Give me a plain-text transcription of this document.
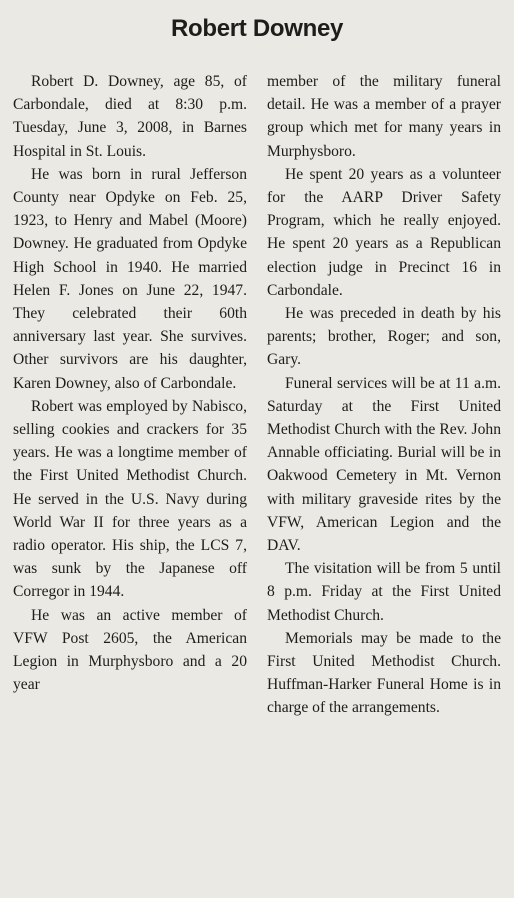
Robert Downey

Robert D. Downey, age 85, of Carbondale, died at 8:30 p.m. Tuesday, June 3, 2008, in Barnes Hospital in St. Louis.

He was born in rural Jefferson County near Opdyke on Feb. 25, 1923, to Henry and Mabel (Moore) Downey. He graduated from Opdyke High School in 1940. He married Helen F. Jones on June 22, 1947. They celebrated their 60th anniversary last year. She survives. Other survivors are his daughter, Karen Downey, also of Carbondale.

Robert was employed by Nabisco, selling cookies and crackers for 35 years. He was a longtime member of the First United Methodist Church. He served in the U.S. Navy during World War II for three years as a radio operator. His ship, the LCS 7, was sunk by the Japanese off Corregor in 1944.

He was an active member of VFW Post 2605, the American Legion in Murphysboro and a 20 year

member of the military funeral detail. He was a member of a prayer group which met for many years in Murphysboro.

He spent 20 years as a volunteer for the AARP Driver Safety Program, which he really enjoyed. He spent 20 years as a Republican election judge in Precinct 16 in Carbondale.

He was preceded in death by his parents; brother, Roger; and son, Gary.

Funeral services will be at 11 a.m. Saturday at the First United Methodist Church with the Rev. John Annable officiating. Burial will be in Oakwood Cemetery in Mt. Vernon with military graveside rites by the VFW, American Legion and the DAV.

The visitation will be from 5 until 8 p.m. Friday at the First United Methodist Church.

Memorials may be made to the First United Methodist Church. Huffman-Harker Funeral Home is in charge of the arrangements.
